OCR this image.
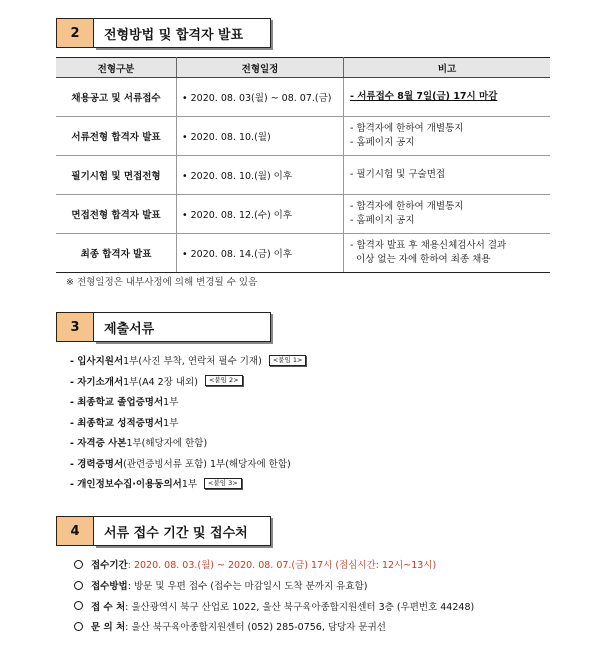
2	전형방법 및 합격자 발표
전형구분	전형일정	비고
채용공고 및 서류접수	• 2020. 08. 03(월) ~ 08. 07.(금)	- 서류접수 8월 7일(금) 17시 마감

서류전형 합격자 발표	• 2020. 08. 10.(월)	- 합격자에 한하여 개별통지
- 홈페이지 공지

필기시험 및 면접전형	• 2020. 08. 10.(월) 이후	- 필기시험 및 구술면접

면접전형 합격자 발표	• 2020. 08. 12.(수) 이후	- 합격자에 한하여 개별통지
- 홈페이지 공지

최종 합격자 발표	• 2020. 08. 14.(금) 이후	- 합격자 발표 후 채용신체검사서 결과
이상 없는 자에 한하여 최종 채용
※ 전형일정은 내부사정에 의해 변경될 수 있음
3	제출서류
- 입사지원서 1부(사진 부착, 연락처 필수 기재)	<붙임 1>
- 자기소개서 1부(A4 2장 내외)	<붙임 2>
- 최종학교 졸업증명서 1부
- 최종학교 성적증명서 1부
- 자격증 사본 1부(해당자에 한함)
- 경력증명서 (관련증빙서류 포함) 1부(해당자에 한함)
- 개인정보수집·이용동의서 1부	<붙임 3>
4	서류 접수 기간 및 접수처
접수기간 : 2020. 08. 03.(월) ~ 2020. 08. 07.(금) 17시 (점심시간: 12시~13시)
접수방법 : 방문 및 우편 접수 (접수는 마감일시 도착 분까지 유효함)
접 수 처 : 울산광역시 북구 산업로 1022, 울산 북구육아종합지원센터 3층 (우편번호 44248)
문 의 처 : 울산 북구육아종합지원센터 (052) 285-0756, 담당자 문귀선
